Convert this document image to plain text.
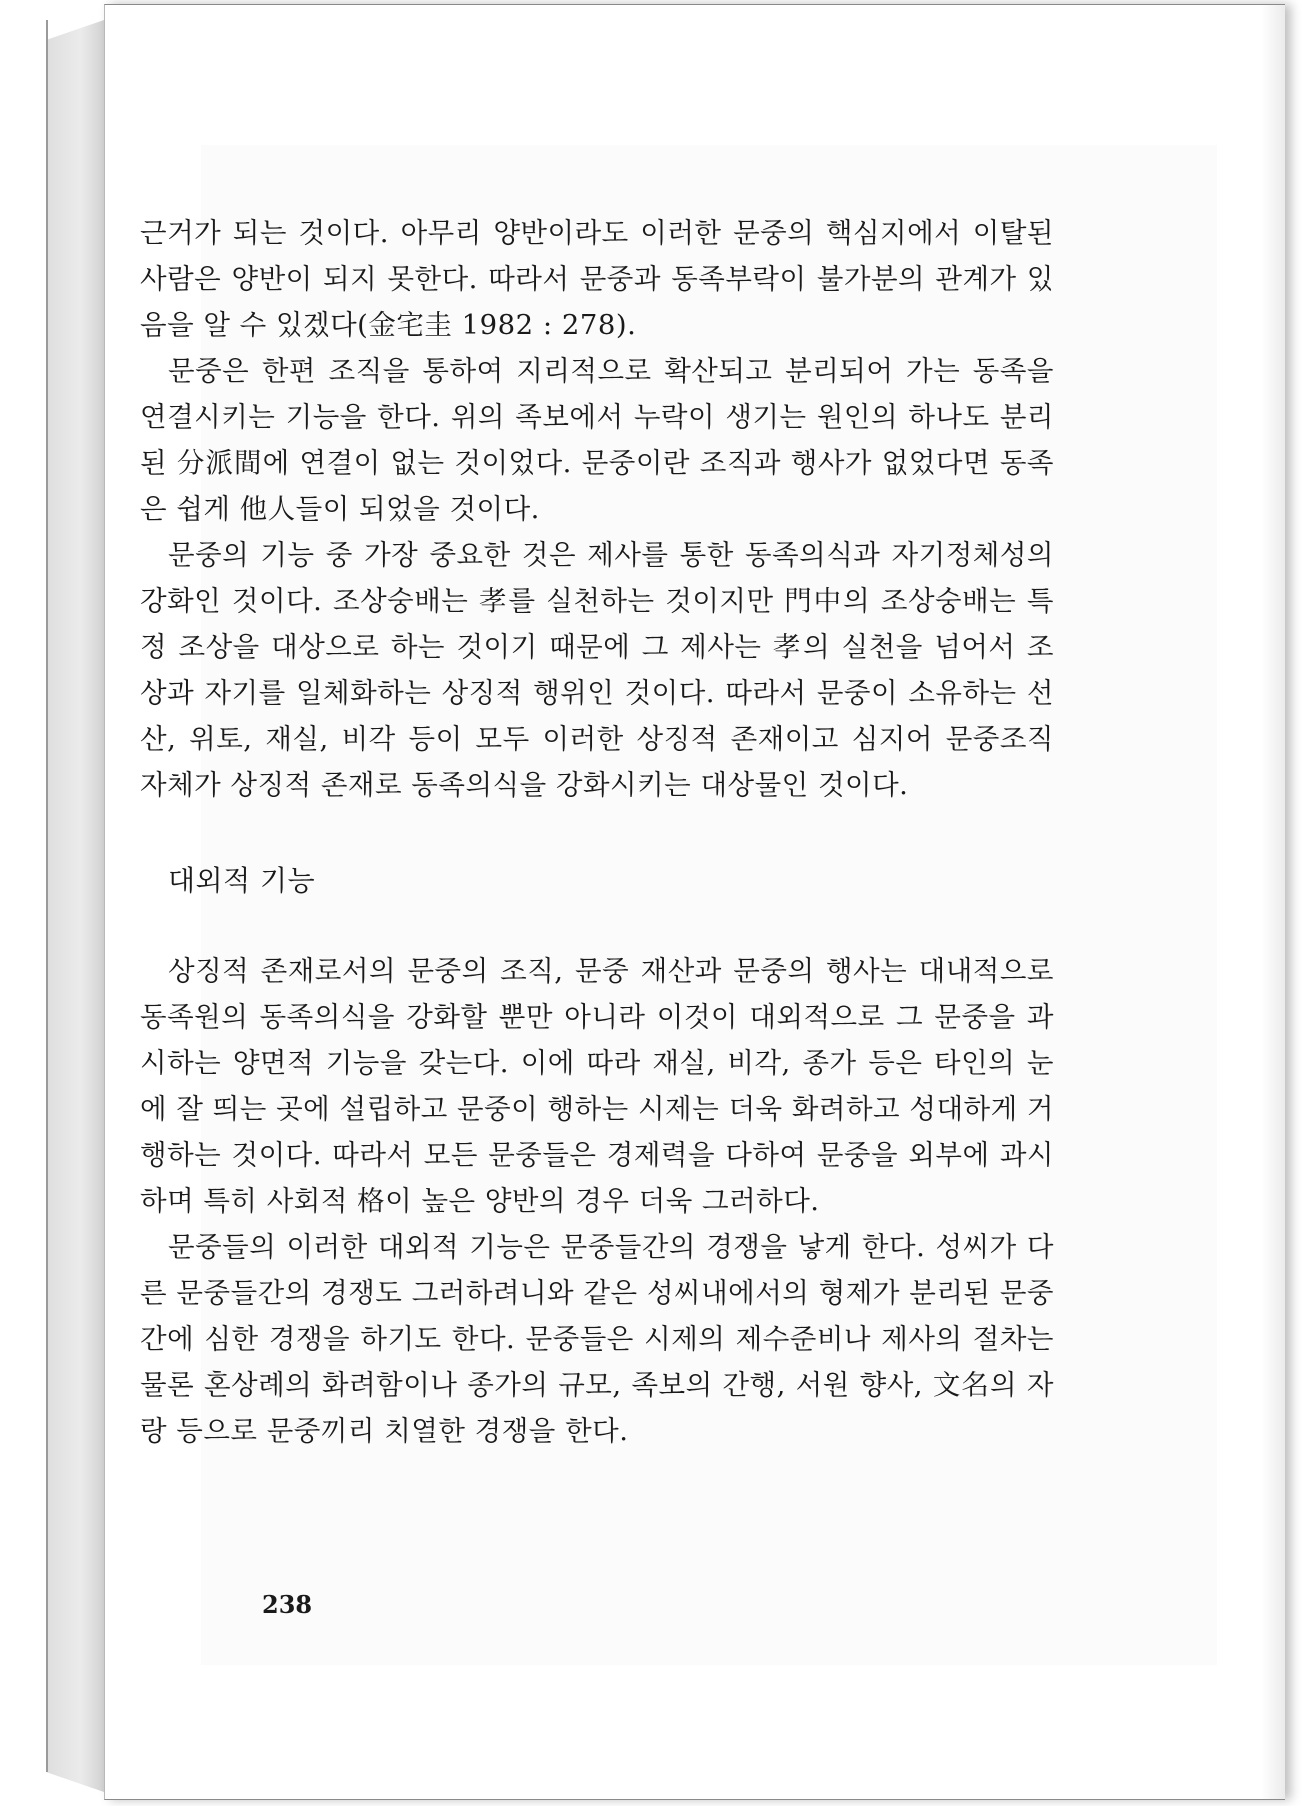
근거가 되는 것이다. 아무리 양반이라도 이러한 문중의 핵심지에서 이탈된 사람은 양반이 되지 못한다. 따라서 문중과 동족부락이 불가분의 관계가 있음을 알 수 있겠다(金宅圭 1982 : 278).

문중은 한편 조직을 통하여 지리적으로 확산되고 분리되어 가는 동족을 연결시키는 기능을 한다. 위의 족보에서 누락이 생기는 원인의 하나도 분리된 分派間에 연결이 없는 것이었다. 문중이란 조직과 행사가 없었다면 동족은 쉽게 他人들이 되었을 것이다.

문중의 기능 중 가장 중요한 것은 제사를 통한 동족의식과 자기정체성의 강화인 것이다. 조상숭배는 孝를 실천하는 것이지만 門中의 조상숭배는 특정 조상을 대상으로 하는 것이기 때문에 그 제사는 孝의 실천을 넘어서 조상과 자기를 일체화하는 상징적 행위인 것이다. 따라서 문중이 소유하는 선산, 위토, 재실, 비각 등이 모두 이러한 상징적 존재이고 심지어 문중조직 자체가 상징적 존재로 동족의식을 강화시키는 대상물인 것이다.

대외적 기능

상징적 존재로서의 문중의 조직, 문중 재산과 문중의 행사는 대내적으로 동족원의 동족의식을 강화할 뿐만 아니라 이것이 대외적으로 그 문중을 과시하는 양면적 기능을 갖는다. 이에 따라 재실, 비각, 종가 등은 타인의 눈에 잘 띄는 곳에 설립하고 문중이 행하는 시제는 더욱 화려하고 성대하게 거행하는 것이다. 따라서 모든 문중들은 경제력을 다하여 문중을 외부에 과시하며 특히 사회적 格이 높은 양반의 경우 더욱 그러하다.

문중들의 이러한 대외적 기능은 문중들간의 경쟁을 낳게 한다. 성씨가 다른 문중들간의 경쟁도 그러하려니와 같은 성씨내에서의 형제가 분리된 문중간에 심한 경쟁을 하기도 한다. 문중들은 시제의 제수준비나 제사의 절차는 물론 혼상례의 화려함이나 종가의 규모, 족보의 간행, 서원 향사, 文名의 자랑 등으로 문중끼리 치열한 경쟁을 한다.

238
